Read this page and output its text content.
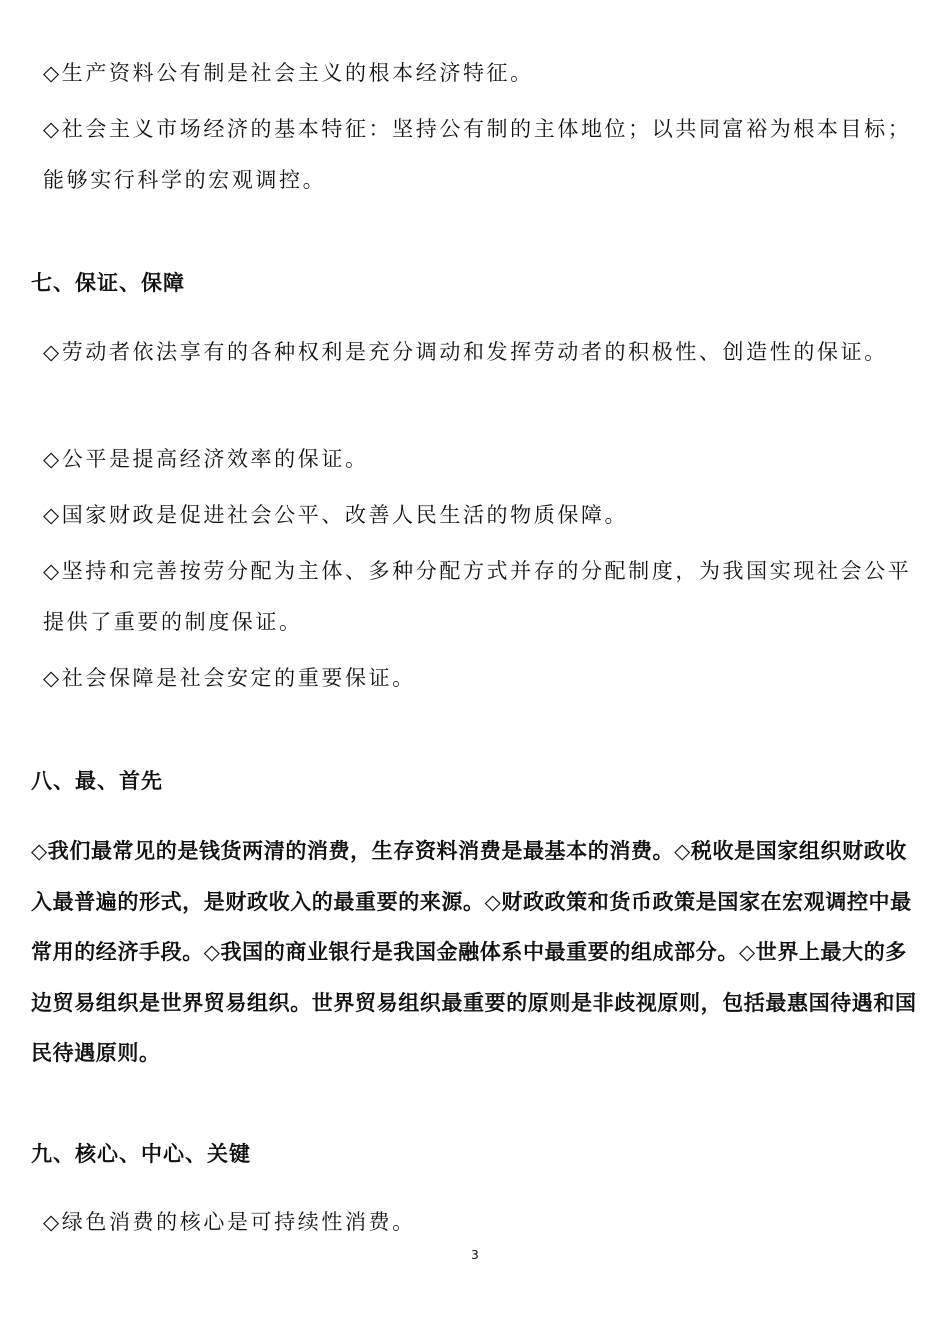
◇生产资料公有制是社会主义的根本经济特征。
◇社会主义市场经济的基本特征：坚持公有制的主体地位；以共同富裕为根本目标；能够实行科学的宏观调控。
七、保证、保障
◇劳动者依法享有的各种权利是充分调动和发挥劳动者的积极性、创造性的保证。
◇公平是提高经济效率的保证。
◇国家财政是促进社会公平、改善人民生活的物质保障。
◇坚持和完善按劳分配为主体、多种分配方式并存的分配制度，为我国实现社会公平提供了重要的制度保证。
◇社会保障是社会安定的重要保证。
八、最、首先
◇我们最常见的是钱货两清的消费，生存资料消费是最基本的消费。◇税收是国家组织财政收入最普遍的形式，是财政收入的最重要的来源。◇财政政策和货币政策是国家在宏观调控中最常用的经济手段。◇我国的商业银行是我国金融体系中最重要的组成部分。◇世界上最大的多边贸易组织是世界贸易组织。世界贸易组织最重要的原则是非歧视原则，包括最惠国待遇和国民待遇原则。
九、核心、中心、关键
◇绿色消费的核心是可持续性消费。
3
